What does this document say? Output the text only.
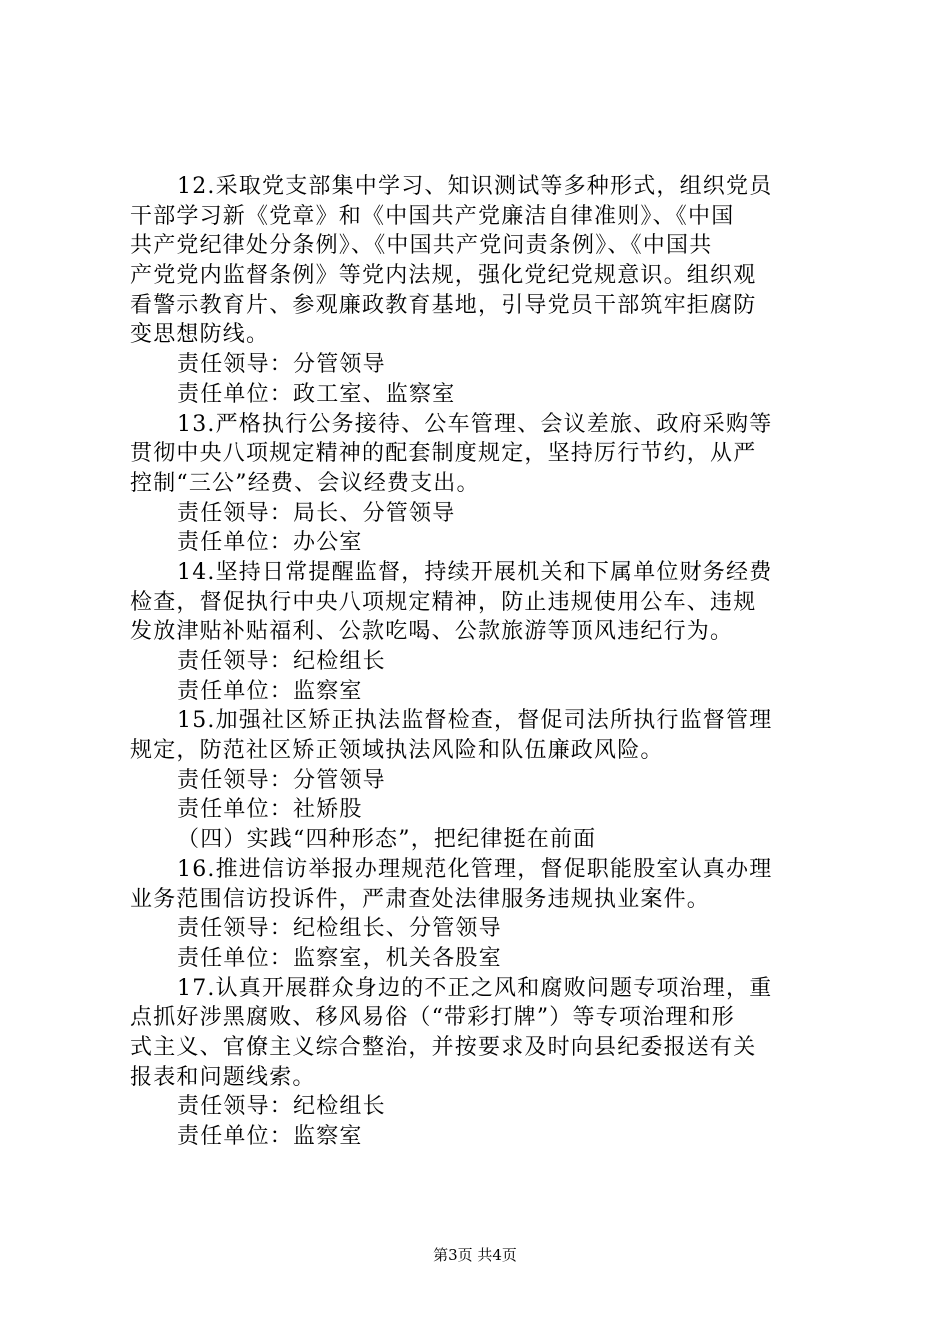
12.采取党支部集中学习、知识测试等多种形式，组织党员
干部学习新《党章》和《中国共产党廉洁自律准则》、《中国
共产党纪律处分条例》、《中国共产党问责条例》、《中国共
产党党内监督条例》等党内法规，强化党纪党规意识。组织观
看警示教育片、参观廉政教育基地，引导党员干部筑牢拒腐防
变思想防线。
责任领导：分管领导
责任单位：政工室、监察室
13.严格执行公务接待、公车管理、会议差旅、政府采购等
贯彻中央八项规定精神的配套制度规定，坚持厉行节约，从严
控制“三公”经费、会议经费支出。
责任领导：局长、分管领导
责任单位：办公室
14.坚持日常提醒监督，持续开展机关和下属单位财务经费
检查，督促执行中央八项规定精神，防止违规使用公车、违规
发放津贴补贴福利、公款吃喝、公款旅游等顶风违纪行为。
责任领导：纪检组长
责任单位：监察室
15.加强社区矫正执法监督检查，督促司法所执行监督管理
规定，防范社区矫正领域执法风险和队伍廉政风险。
责任领导：分管领导
责任单位：社矫股
（四）实践“四种形态”，把纪律挺在前面
16.推进信访举报办理规范化管理，督促职能股室认真办理
业务范围信访投诉件，严肃查处法律服务违规执业案件。
责任领导：纪检组长、分管领导
责任单位：监察室，机关各股室
17.认真开展群众身边的不正之风和腐败问题专项治理，重
点抓好涉黑腐败、移风易俗（“带彩打牌”）等专项治理和形
式主义、官僚主义综合整治，并按要求及时向县纪委报送有关
报表和问题线索。
责任领导：纪检组长
责任单位：监察室
第3页 共4页
